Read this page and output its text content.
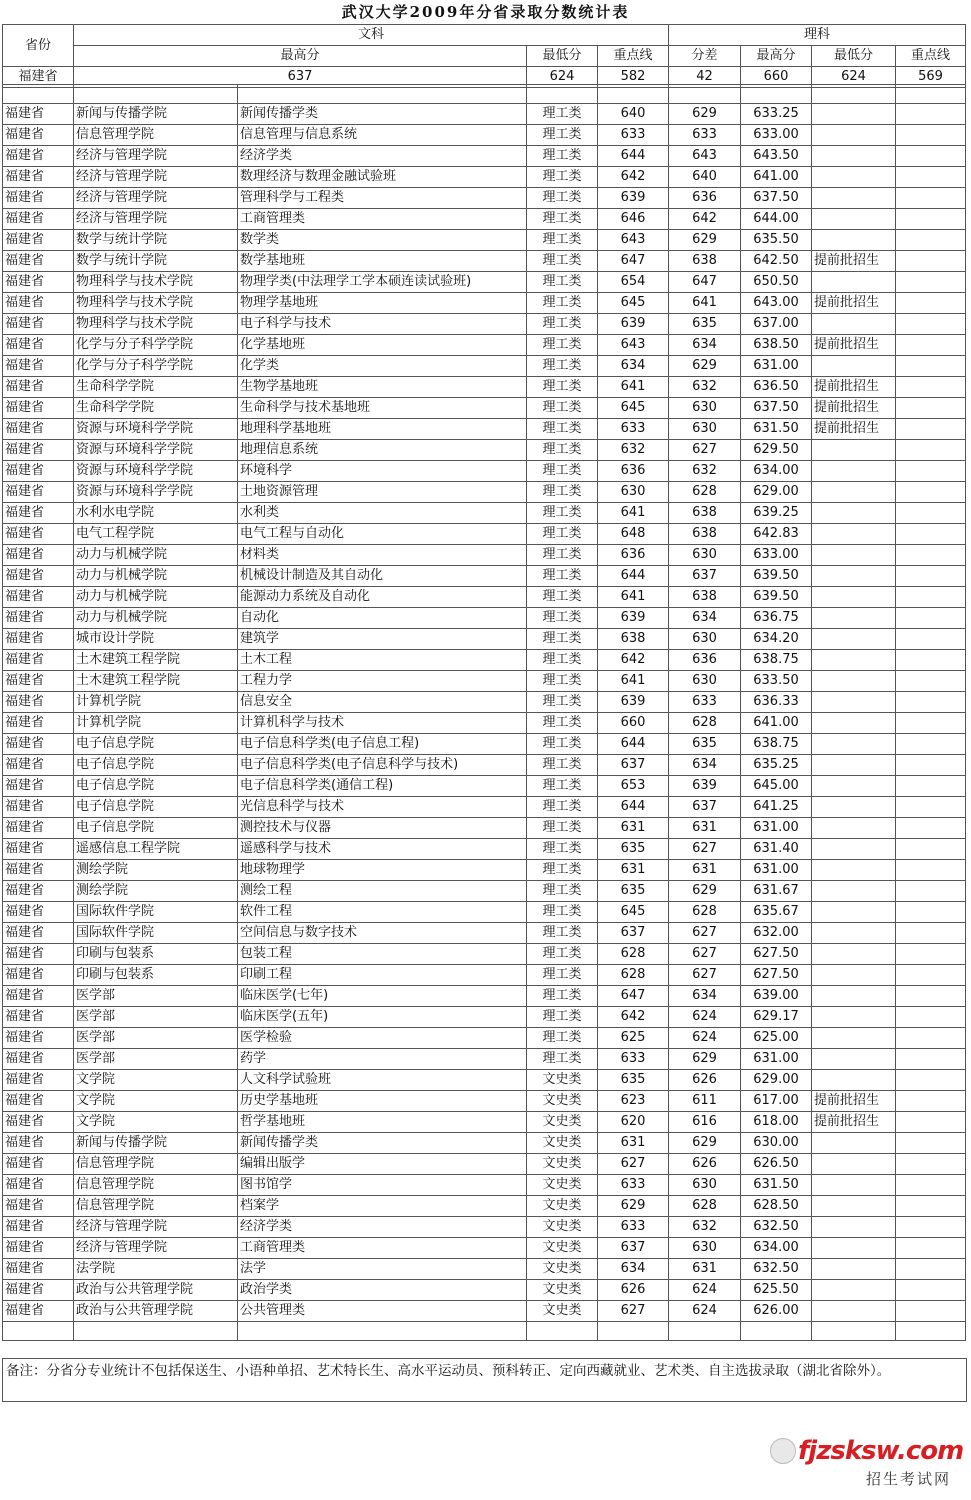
武汉大学2009年分省录取分数统计表
省份	文科			理科			
	最高分	最低分	重点线	分差	最高分	最低分	重点线
福建省	637	624	582	42	660	624	569

福建省	新闻与传播学院	新闻传播学类	理工类	640	629	633.25		
福建省	信息管理学院	信息管理与信息系统	理工类	633	633	633.00		
福建省	经济与管理学院	经济学类	理工类	644	643	643.50		
福建省	经济与管理学院	数理经济与数理金融试验班	理工类	642	640	641.00		
福建省	经济与管理学院	管理科学与工程类	理工类	639	636	637.50		
福建省	经济与管理学院	工商管理类	理工类	646	642	644.00		
福建省	数学与统计学院	数学类	理工类	643	629	635.50		
福建省	数学与统计学院	数学基地班	理工类	647	638	642.50	提前批招生	
福建省	物理科学与技术学院	物理学类(中法理学工学本硕连读试验班)	理工类	654	647	650.50		
福建省	物理科学与技术学院	物理学基地班	理工类	645	641	643.00	提前批招生	
福建省	物理科学与技术学院	电子科学与技术	理工类	639	635	637.00		
福建省	化学与分子科学学院	化学基地班	理工类	643	634	638.50	提前批招生	
福建省	化学与分子科学学院	化学类	理工类	634	629	631.00		
福建省	生命科学学院	生物学基地班	理工类	641	632	636.50	提前批招生	
福建省	生命科学学院	生命科学与技术基地班	理工类	645	630	637.50	提前批招生	
福建省	资源与环境科学学院	地理科学基地班	理工类	633	630	631.50	提前批招生	
福建省	资源与环境科学学院	地理信息系统	理工类	632	627	629.50		
福建省	资源与环境科学学院	环境科学	理工类	636	632	634.00		
福建省	资源与环境科学学院	土地资源管理	理工类	630	628	629.00		
福建省	水利水电学院	水利类	理工类	641	638	639.25		
福建省	电气工程学院	电气工程与自动化	理工类	648	638	642.83		
福建省	动力与机械学院	材料类	理工类	636	630	633.00		
福建省	动力与机械学院	机械设计制造及其自动化	理工类	644	637	639.50		
福建省	动力与机械学院	能源动力系统及自动化	理工类	641	638	639.50		
福建省	动力与机械学院	自动化	理工类	639	634	636.75		
福建省	城市设计学院	建筑学	理工类	638	630	634.20		
福建省	土木建筑工程学院	土木工程	理工类	642	636	638.75		
福建省	土木建筑工程学院	工程力学	理工类	641	630	633.50		
福建省	计算机学院	信息安全	理工类	639	633	636.33		
福建省	计算机学院	计算机科学与技术	理工类	660	628	641.00		
福建省	电子信息学院	电子信息科学类(电子信息工程)	理工类	644	635	638.75		
福建省	电子信息学院	电子信息科学类(电子信息科学与技术)	理工类	637	634	635.25		
福建省	电子信息学院	电子信息科学类(通信工程)	理工类	653	639	645.00		
福建省	电子信息学院	光信息科学与技术	理工类	644	637	641.25		
福建省	电子信息学院	测控技术与仪器	理工类	631	631	631.00		
福建省	遥感信息工程学院	遥感科学与技术	理工类	635	627	631.40		
福建省	测绘学院	地球物理学	理工类	631	631	631.00		
福建省	测绘学院	测绘工程	理工类	635	629	631.67		
福建省	国际软件学院	软件工程	理工类	645	628	635.67		
福建省	国际软件学院	空间信息与数字技术	理工类	637	627	632.00		
福建省	印刷与包装系	包装工程	理工类	628	627	627.50		
福建省	印刷与包装系	印刷工程	理工类	628	627	627.50		
福建省	医学部	临床医学(七年)	理工类	647	634	639.00		
福建省	医学部	临床医学(五年)	理工类	642	624	629.17		
福建省	医学部	医学检验	理工类	625	624	625.00		
福建省	医学部	药学	理工类	633	629	631.00		
福建省	文学院	人文科学试验班	文史类	635	626	629.00		
福建省	文学院	历史学基地班	文史类	623	611	617.00	提前批招生	
福建省	文学院	哲学基地班	文史类	620	616	618.00	提前批招生	
福建省	新闻与传播学院	新闻传播学类	文史类	631	629	630.00		
福建省	信息管理学院	编辑出版学	文史类	627	626	626.50		
福建省	信息管理学院	图书馆学	文史类	633	630	631.50		
福建省	信息管理学院	档案学	文史类	629	628	628.50		
福建省	经济与管理学院	经济学类	文史类	633	632	632.50		
福建省	经济与管理学院	工商管理类	文史类	637	630	634.00		
福建省	法学院	法学	文史类	634	631	632.50		
福建省	政治与公共管理学院	政治学类	文史类	626	624	625.50		
福建省	政治与公共管理学院	公共管理类	文史类	627	624	626.00		

备注：分省分专业统计不包括保送生、小语种单招、艺术特长生、高水平运动员、预科转正、定向西藏就业、艺术类、自主选拔录取（湖北省除外）。
fjzsksw.com
招生考试网
